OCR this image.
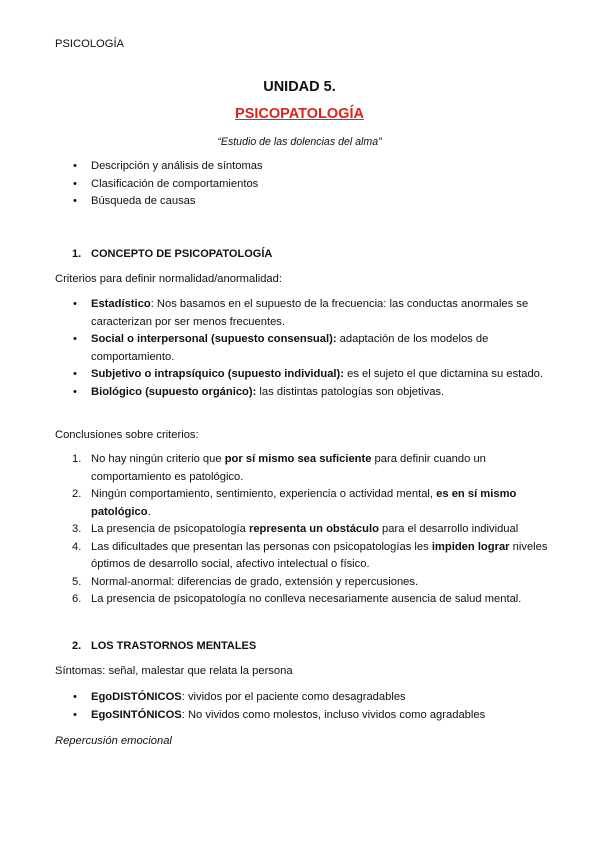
PSICOLOGÍA
UNIDAD 5.
PSICOPATOLOGÍA
“Estudio de las dolencias del alma”
• Descripción y análisis de síntomas
• Clasificación de comportamientos
• Búsqueda de causas
1. CONCEPTO DE PSICOPATOLOGÍA
Criterios para definir normalidad/anormalidad:
• Estadístico: Nos basamos en el supuesto de la frecuencia: las conductas anormales se caracterizan por ser menos frecuentes.
• Social o interpersonal (supuesto consensual): adaptación de los modelos de comportamiento.
• Subjetivo o intrapsíquico (supuesto individual): es el sujeto el que dictamina su estado.
• Biológico (supuesto orgánico): las distintas patologías son objetivas.
Conclusiones sobre criterios:
1. No hay ningún criterio que por sí mismo sea suficiente para definir cuando un comportamiento es patológico.
2. Ningún comportamiento, sentimiento, experiencia o actividad mental, es en sí mismo patológico.
3. La presencia de psicopatología representa un obstáculo para el desarrollo individual
4. Las dificultades que presentan las personas con psicopatologías les impiden lograr niveles óptimos de desarrollo social, afectivo intelectual o físico.
5. Normal-anormal: diferencias de grado, extensión y repercusiones.
6. La presencia de psicopatología no conlleva necesariamente ausencia de salud mental.
2. LOS TRASTORNOS MENTALES
Síntomas: señal, malestar que relata la persona
• EgoDISTÓNICOS: vividos por el paciente como desagradables
• EgoSINTÓNICOS: No vividos como molestos, incluso vividos como agradables
Repercusión emocional
